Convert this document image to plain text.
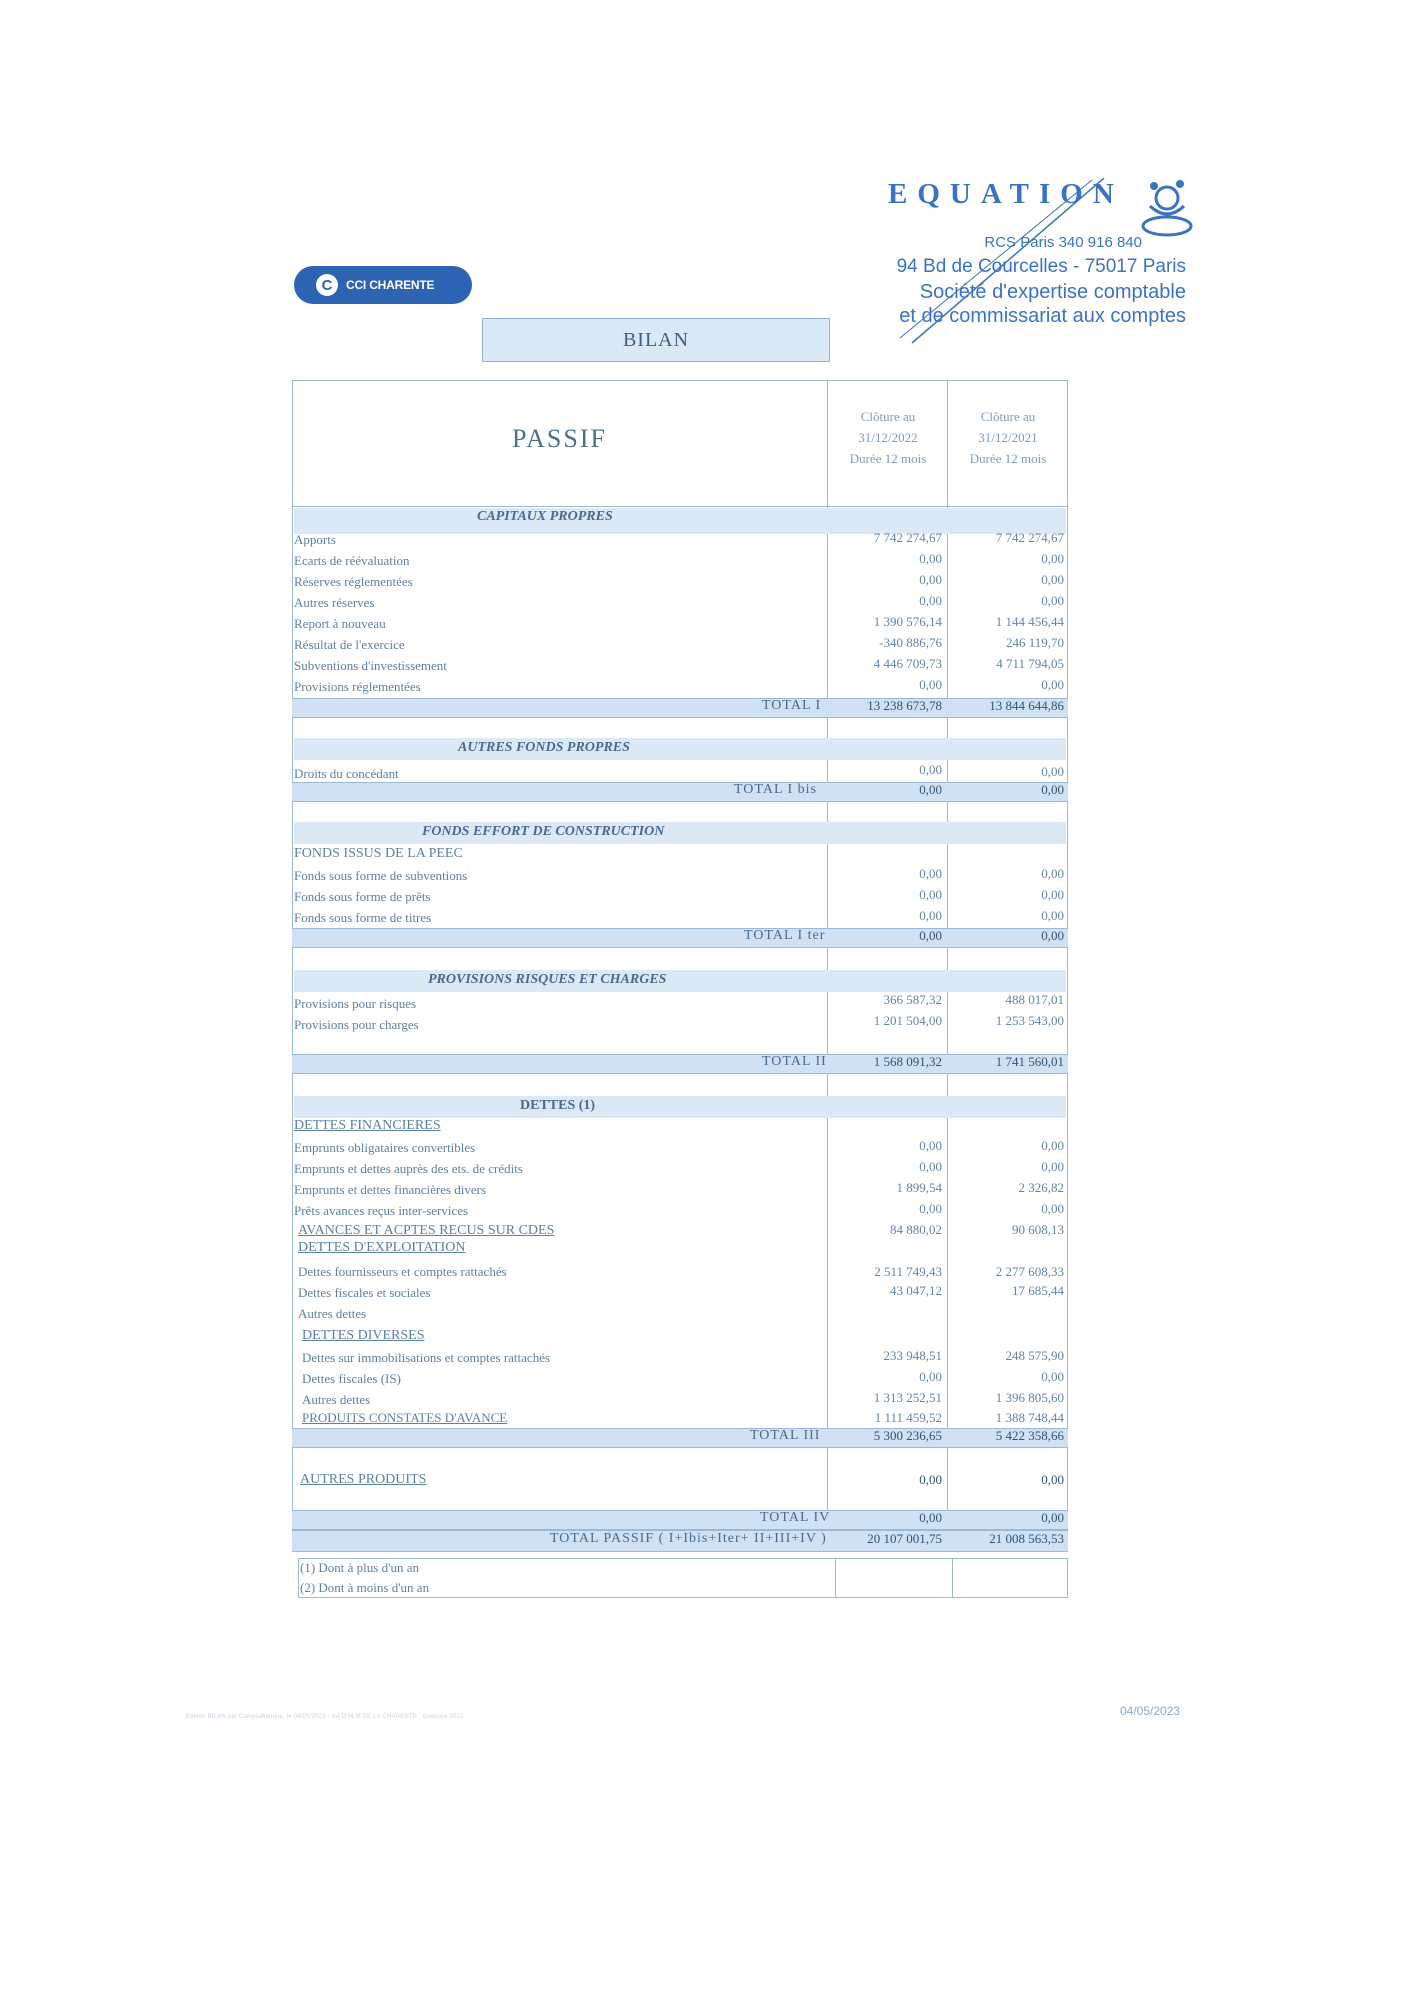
C	CCI CHARENTE
EQUATION
RCS Paris 340 916 840
94 Bd de Courcelles - 75017 Paris
Société d'expertise comptable
et de commissariat aux comptes
BILAN
PASSIF
Clôture au
31/12/2022
Durée 12 mois
Clôture au
31/12/2021
Durée 12 mois
CAPITAUX PROPRES
Apports	7 742 274,67	7 742 274,67
Ecarts de réévaluation	0,00	0,00
Réserves réglementées	0,00	0,00
Autres réserves	0,00	0,00
Report à nouveau	1 390 576,14	1 144 456,44
Résultat de l'exercice	-340 886,76	246 119,70
Subventions d'investissement	4 446 709,73	4 711 794,05
Provisions réglementées	0,00	0,00
TOTAL I	13 238 673,78	13 844 644,86
AUTRES FONDS PROPRES
Droits du concédant	0,00	0,00
TOTAL I bis	0,00	0,00
FONDS EFFORT DE CONSTRUCTION
FONDS ISSUS DE LA PEEC
Fonds sous forme de subventions	0,00	0,00
Fonds sous forme de prêts	0,00	0,00
Fonds sous forme de titres	0,00	0,00
TOTAL I ter	0,00	0,00
PROVISIONS RISQUES ET CHARGES
Provisions pour risques	366 587,32	488 017,01
Provisions pour charges	1 201 504,00	1 253 543,00
TOTAL II	1 568 091,32	1 741 560,01
DETTES (1)
DETTES FINANCIERES
Emprunts obligataires convertibles	0,00	0,00
Emprunts et dettes auprès des ets. de crédits	0,00	0,00
Emprunts et dettes financières divers	1 899,54	2 326,82
Prêts avances reçus inter-services	0,00	0,00
AVANCES ET ACPTES RECUS SUR CDES	84 880,02	90 608,13
DETTES D'EXPLOITATION
Dettes fournisseurs et comptes rattachés	2 511 749,43	2 277 608,33
Dettes fiscales et sociales	43 047,12	17 685,44
Autres dettes
DETTES DIVERSES
Dettes sur immobilisations et comptes rattachés	233 948,51	248 575,90
Dettes fiscales (IS)	0,00	0,00
Autres dettes	1 313 252,51	1 396 805,60
PRODUITS CONSTATES D'AVANCE	1 111 459,52	1 388 748,44
TOTAL III	5 300 236,65	5 422 358,66
AUTRES PRODUITS	0,00	0,00
TOTAL IV	0,00	0,00
TOTAL PASSIF ( I+Ibis+Iter+ II+III+IV )	20 107 001,75	21 008 563,53
(1) Dont à plus d'un an
(2) Dont à moins d'un an
Edition BILAN par ComptaBanque, le 04/05/2023 - SA D'HLM DE LA CHARENTE - Exercice 2022	04/05/2023
